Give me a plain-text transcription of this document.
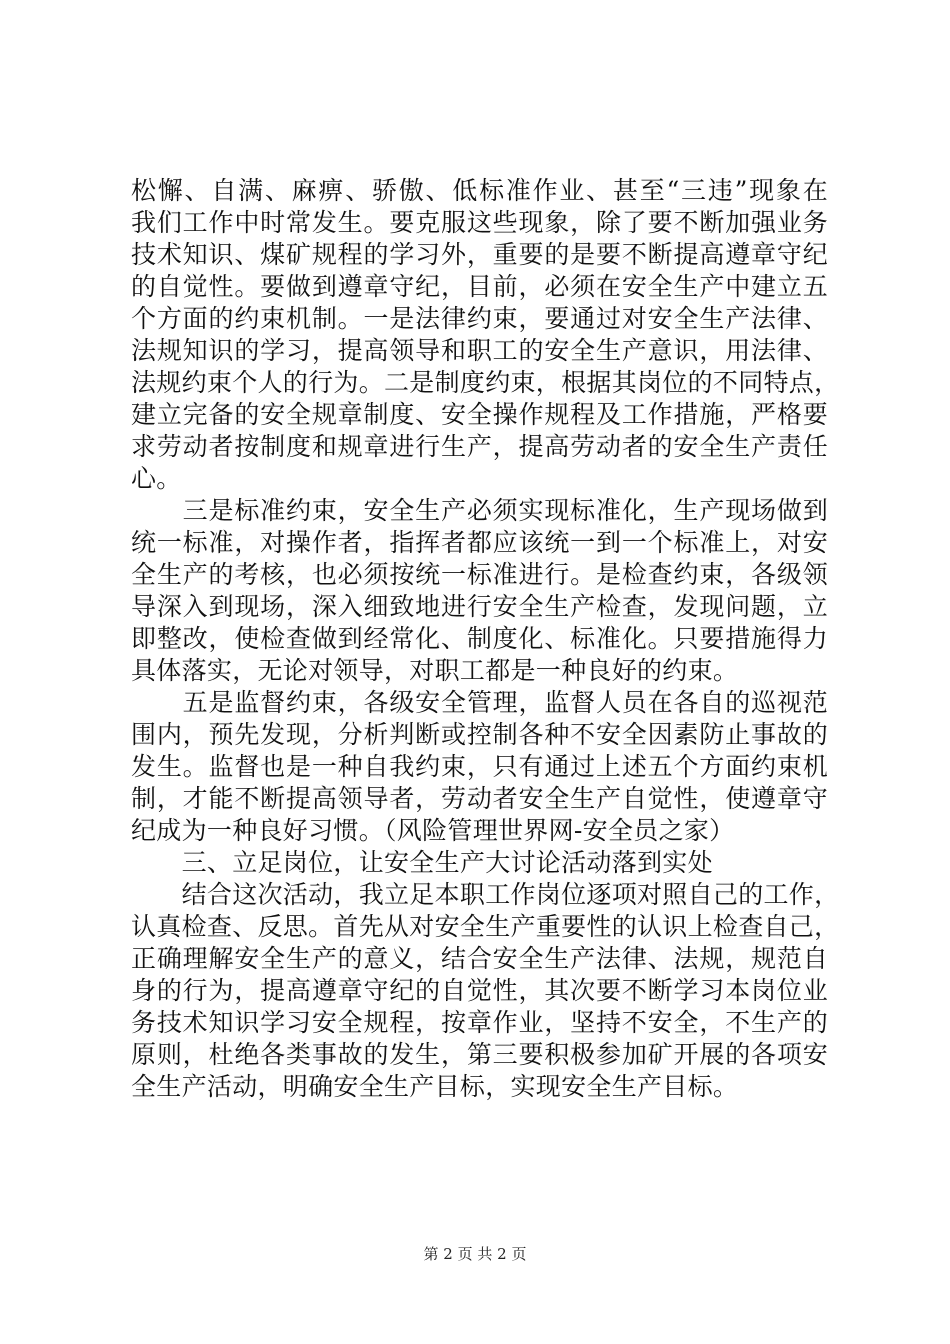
松懈、自满、麻痹、骄傲、低标准作业、甚至“三违”现象在
我们工作中时常发生。要克服这些现象，除了要不断加强业务
技术知识、煤矿规程的学习外，重要的是要不断提高遵章守纪
的自觉性。要做到遵章守纪，目前，必须在安全生产中建立五
个方面的约束机制。一是法律约束，要通过对安全生产法律、
法规知识的学习，提高领导和职工的安全生产意识，用法律、
法规约束个人的行为。二是制度约束，根据其岗位的不同特点，
建立完备的安全规章制度、安全操作规程及工作措施，严格要
求劳动者按制度和规章进行生产，提高劳动者的安全生产责任
心。
　　三是标准约束，安全生产必须实现标准化，生产现场做到
统一标准，对操作者，指挥者都应该统一到一个标准上，对安
全生产的考核，也必须按统一标准进行。是检查约束，各级领
导深入到现场，深入细致地进行安全生产检查，发现问题，立
即整改，使检查做到经常化、制度化、标准化。只要措施得力
具体落实，无论对领导，对职工都是一种良好的约束。
　　五是监督约束，各级安全管理，监督人员在各自的巡视范
围内，预先发现，分析判断或控制各种不安全因素防止事故的
发生。监督也是一种自我约束，只有通过上述五个方面约束机
制，才能不断提高领导者，劳动者安全生产自觉性，使遵章守
纪成为一种良好习惯。（风险管理世界网-安全员之家）
　　三、立足岗位，让安全生产大讨论活动落到实处
　　结合这次活动，我立足本职工作岗位逐项对照自己的工作，
认真检查、反思。首先从对安全生产重要性的认识上检查自己，
正确理解安全生产的意义，结合安全生产法律、法规，规范自
身的行为，提高遵章守纪的自觉性，其次要不断学习本岗位业
务技术知识学习安全规程，按章作业，坚持不安全，不生产的
原则，杜绝各类事故的发生，第三要积极参加矿开展的各项安
全生产活动，明确安全生产目标，实现安全生产目标。
第 2 页 共 2 页
